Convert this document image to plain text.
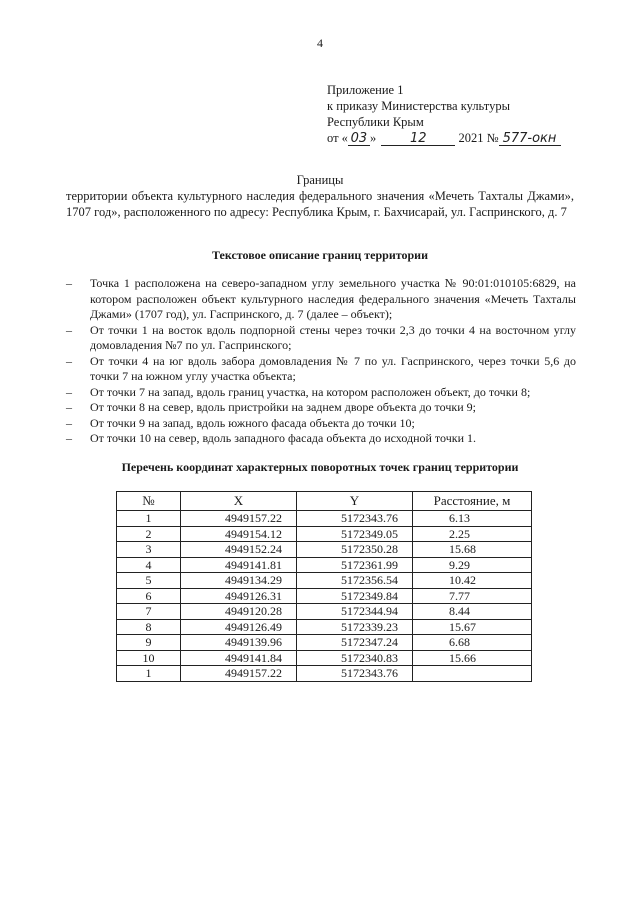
4
Приложение 1
к приказу Министерства культуры
Республики Крым
от « 03 »	12	2021 № 577-окн
Границы
территории объекта культурного наследия федерального значения «Мечеть Тахталы Джами», 1707 год», расположенного по адресу: Республика Крым, г. Бахчисарай, ул. Гаспринского, д. 7
Текстовое описание границ территории
– Точка 1 расположена на северо-западном углу земельного участка № 90:01:010105:6829, на котором расположен объект культурного наследия федерального значения «Мечеть Тахталы Джами» (1707 год), ул. Гаспринского, д. 7 (далее – объект);
– От точки 1 на восток вдоль подпорной стены через точки 2,3 до точки 4 на восточном углу домовладения №7 по ул. Гаспринского;
– От точки 4 на юг вдоль забора домовладения № 7 по ул. Гаспринского, через точки 5,6 до точки 7 на южном углу участка объекта;
– От точки 7 на запад, вдоль границ участка, на котором расположен объект, до точки 8;
– От точки 8 на север, вдоль пристройки на заднем дворе объекта до точки 9;
– От точки 9 на запад, вдоль южного фасада объекта до точки 10;
– От точки 10 на север, вдоль западного фасада объекта до исходной точки 1.
Перечень координат характерных поворотных точек границ территории
№	X	Y	Расстояние, м
1	4949157.22	5172343.76	6.13
2	4949154.12	5172349.05	2.25
3	4949152.24	5172350.28	15.68
4	4949141.81	5172361.99	9.29
5	4949134.29	5172356.54	10.42
6	4949126.31	5172349.84	7.77
7	4949120.28	5172344.94	8.44
8	4949126.49	5172339.23	15.67
9	4949139.96	5172347.24	6.68
10	4949141.84	5172340.83	15.66
1	4949157.22	5172343.76	
